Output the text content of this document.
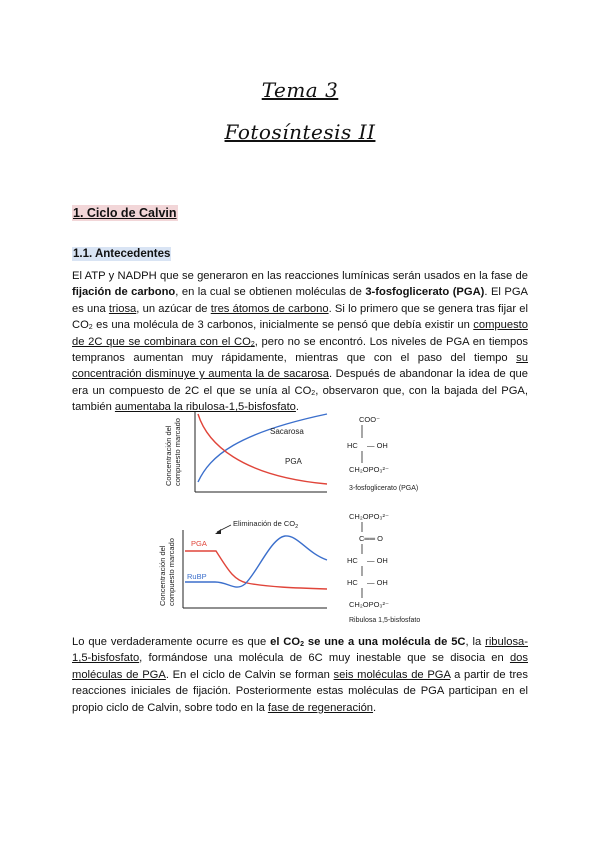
Tema 3
Fotosíntesis II
1. Ciclo de Calvin
1.1. Antecedentes

El ATP y NADPH que se generaron en las reacciones lumínicas serán usados en la fase de fijación de carbono, en la cual se obtienen moléculas de 3-fosfoglicerato (PGA). El PGA es una triosa, un azúcar de tres átomos de carbono. Si lo primero que se genera tras fijar el $CO_2$ es una molécula de 3 carbonos, inicialmente se pensó que debía existir un compuesto de 2C que se combinara con el $CO_2$, pero no se encontró. Los niveles de PGA en tiempos tempranos aumentan muy rápidamente, mientras que con el paso del tiempo su concentración disminuye y aumenta la de sacarosa. Después de abandonar la idea de que era un compuesto de 2C el que se unía al $CO_2$, observaron que, con la bajada del PGA, también aumentaba la ribulosa-1,5-bisfosfato.

Concentración del compuesto marcado	Sacarosa
PGA
Concentración del compuesto marcado
Eliminación de $CO_2$
PGA
RuBP
COO⁻
HC — OH
CH₂OPO₃²⁻
3-fosfoglicerato (PGA)
CH₂OPO₃²⁻
C══ O
HC — OH
HC — OH
CH₂OPO₃²⁻
Ribulosa 1,5-bisfosfato

Lo que verdaderamente ocurre es que el $CO_2$ se une a una molécula de 5C, la ribulosa-1,5-bisfosfato, formándose una molécula de 6C muy inestable que se disocia en dos moléculas de PGA. En el ciclo de Calvin se forman seis moléculas de PGA a partir de tres reacciones iniciales de fijación. Posteriormente estas moléculas de PGA participan en el propio ciclo de Calvin, sobre todo en la fase de regeneración.
